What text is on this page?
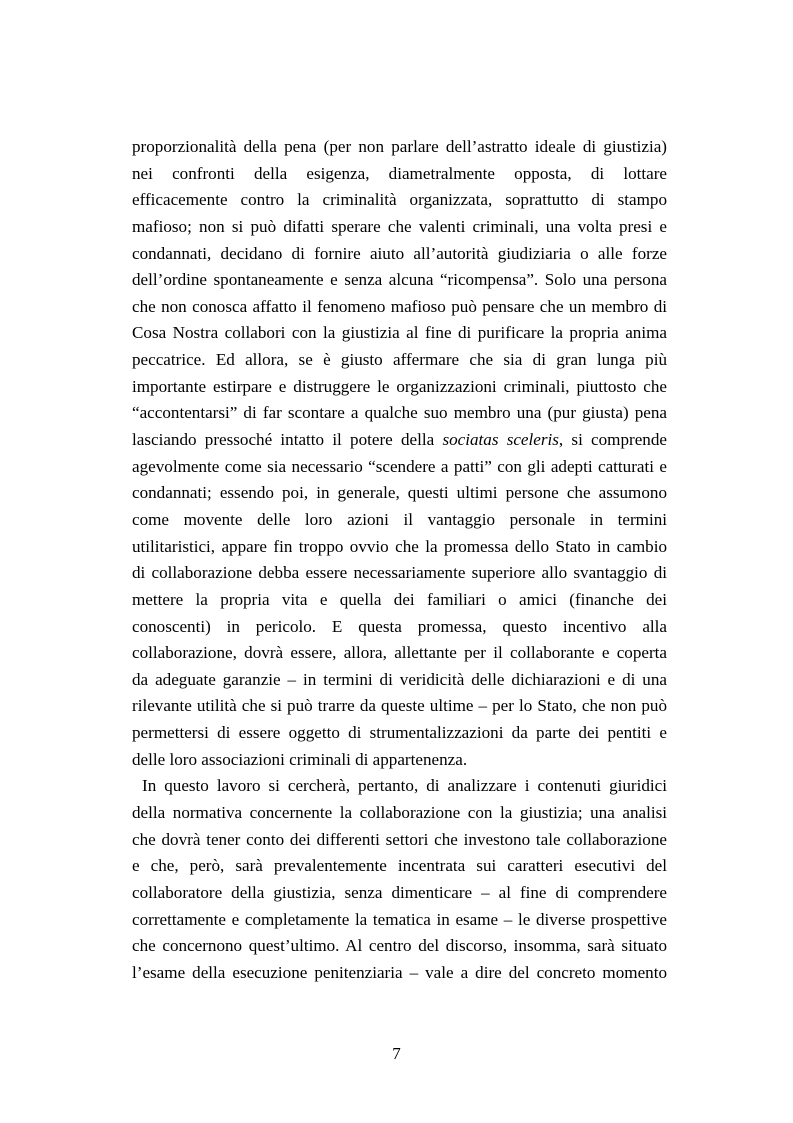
proporzionalità della pena (per non parlare dell’astratto ideale di giustizia)
nei confronti della esigenza, diametralmente opposta, di lottare
efficacemente contro la criminalità organizzata, soprattutto di stampo
mafioso; non si può difatti sperare che valenti criminali, una volta presi e
condannati, decidano di fornire aiuto all’autorità giudiziaria o alle forze
dell’ordine spontaneamente e senza alcuna “ricompensa”. Solo una persona
che non conosca affatto il fenomeno mafioso può pensare che un membro di
Cosa Nostra collabori con la giustizia al fine di purificare la propria anima
peccatrice. Ed allora, se è giusto affermare che sia di gran lunga più
importante estirpare e distruggere le organizzazioni criminali, piuttosto che
“accontentarsi” di far scontare a qualche suo membro una (pur giusta) pena
lasciando pressoché intatto il potere della sociatas sceleris, si comprende
agevolmente come sia necessario “scendere a patti” con gli adepti catturati e
condannati; essendo poi, in generale, questi ultimi persone che assumono
come movente delle loro azioni il vantaggio personale in termini
utilitaristici, appare fin troppo ovvio che la promessa dello Stato in cambio
di collaborazione debba essere necessariamente superiore allo svantaggio di
mettere la propria vita e quella dei familiari o amici (finanche dei
conoscenti) in pericolo. E questa promessa, questo incentivo alla
collaborazione, dovrà essere, allora, allettante per il collaborante e coperta
da adeguate garanzie – in termini di veridicità delle dichiarazioni e di una
rilevante utilità che si può trarre da queste ultime – per lo Stato, che non può
permettersi di essere oggetto di strumentalizzazioni da parte dei pentiti e
delle loro associazioni criminali di appartenenza.
In questo lavoro si cercherà, pertanto, di analizzare i contenuti giuridici
della normativa concernente la collaborazione con la giustizia; una analisi
che dovrà tener conto dei differenti settori che investono tale collaborazione
e che, però, sarà prevalentemente incentrata sui caratteri esecutivi del
collaboratore della giustizia, senza dimenticare – al fine di comprendere
correttamente e completamente la tematica in esame – le diverse prospettive
che concernono quest’ultimo. Al centro del discorso, insomma, sarà situato
l’esame della esecuzione penitenziaria – vale a dire del concreto momento
7
